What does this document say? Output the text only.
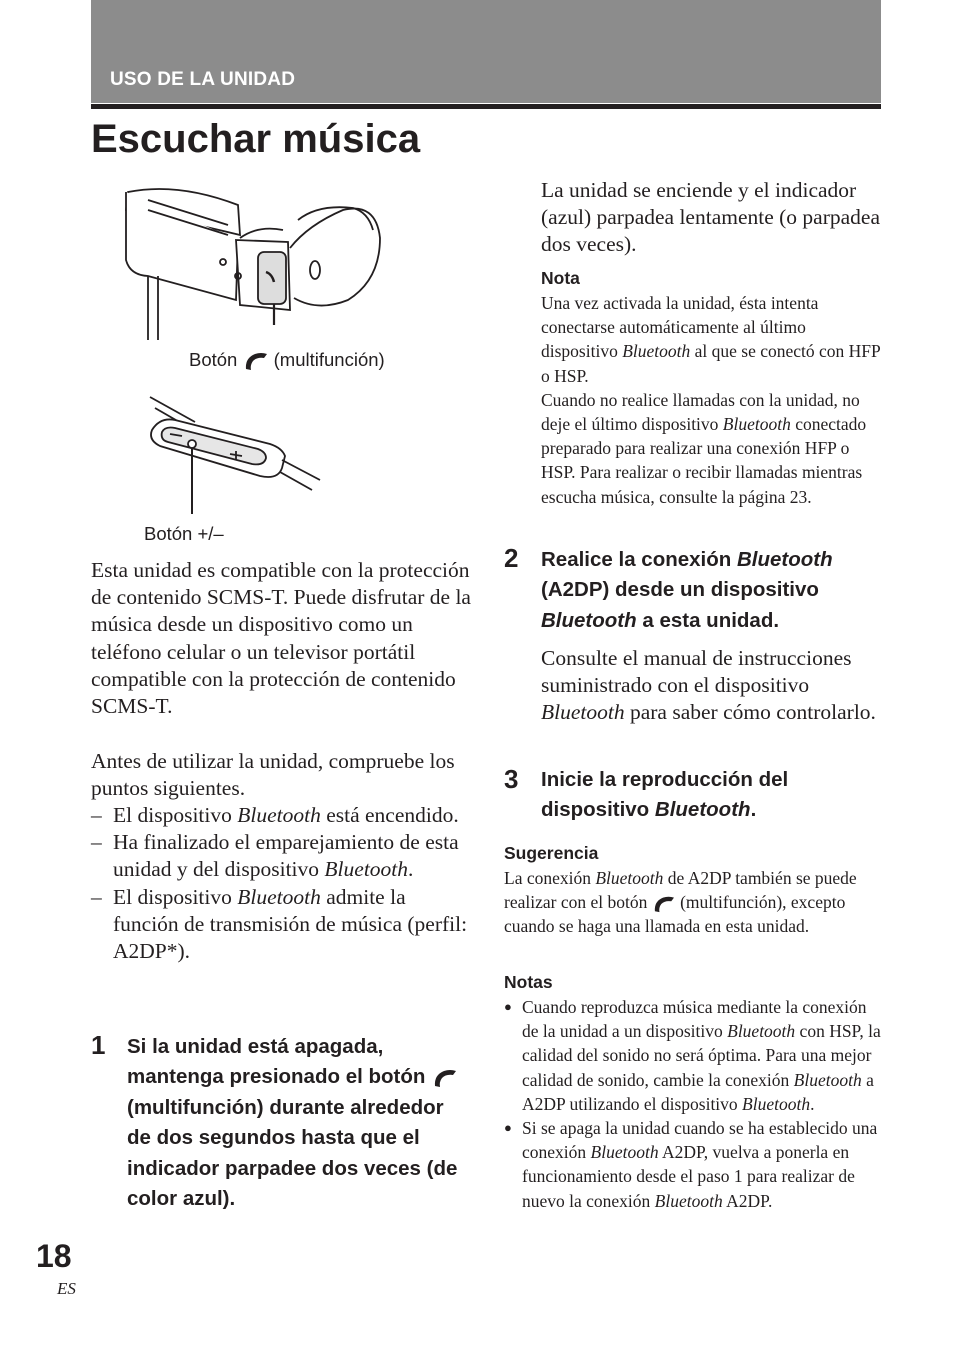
USO DE LA UNIDAD
Escuchar música
Botón (multifunción)
Botón +/–
Esta unidad es compatible con la protección de contenido SCMS-T. Puede disfrutar de la música desde un dispositivo como un teléfono celular o un televisor portátil compatible con la protección de contenido SCMS-T.
Antes de utilizar la unidad, compruebe los puntos siguientes.
– El dispositivo Bluetooth está encendido.
– Ha finalizado el emparejamiento de esta unidad y del dispositivo Bluetooth.
– El dispositivo Bluetooth admite la función de transmisión de música (perfil: A2DP*).
1 Si la unidad está apagada, mantenga presionado el botón  (multifunción) durante alrededor de dos segundos hasta que el indicador parpadee dos veces (de color azul).
La unidad se enciende y el indicador (azul) parpadea lentamente (o parpadea dos veces).
Nota
Una vez activada la unidad, ésta intenta conectarse automáticamente al último dispositivo Bluetooth al que se conectó con HFP o HSP.
Cuando no realice llamadas con la unidad, no deje el último dispositivo Bluetooth conectado preparado para realizar una conexión HFP o HSP. Para realizar o recibir llamadas mientras escucha música, consulte la página 23.
2 Realice la conexión Bluetooth (A2DP) desde un dispositivo Bluetooth a esta unidad.
Consulte el manual de instrucciones suministrado con el dispositivo Bluetooth para saber cómo controlarlo.
3 Inicie la reproducción del dispositivo Bluetooth.
Sugerencia
La conexión Bluetooth de A2DP también se puede realizar con el botón  (multifunción), excepto cuando se haga una llamada en esta unidad.
Notas
● Cuando reproduzca música mediante la conexión de la unidad a un dispositivo Bluetooth con HSP, la calidad del sonido no será óptima. Para una mejor calidad de sonido, cambie la conexión Bluetooth a A2DP utilizando el dispositivo Bluetooth.
● Si se apaga la unidad cuando se ha establecido una conexión Bluetooth A2DP, vuelva a ponerla en funcionamiento desde el paso 1 para realizar de nuevo la conexión Bluetooth A2DP.
18
ES
